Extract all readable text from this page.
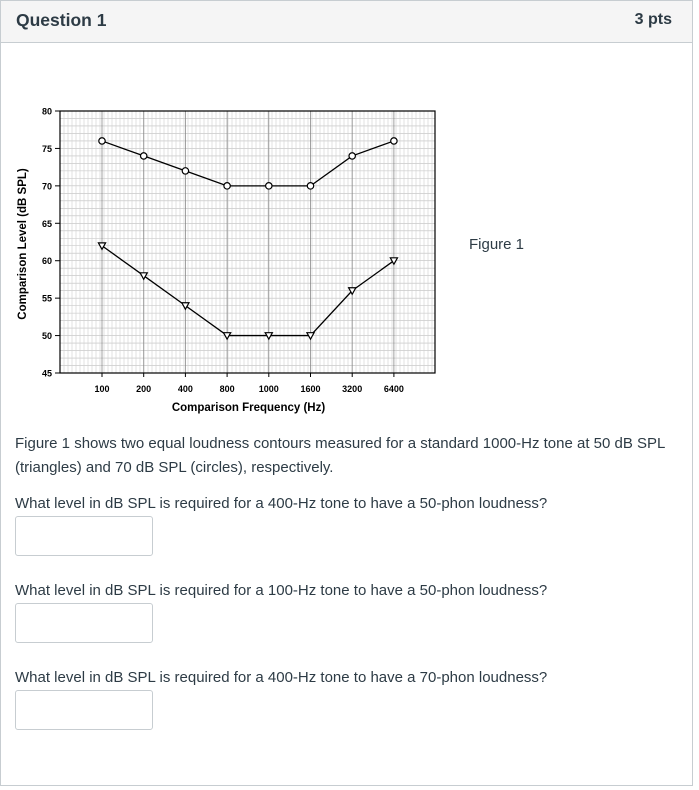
Question 1	3 pts
45
50
55
60
65
70
75
80
100	200	400	800	1000 1600 3200 6400
Comparison Frequency (Hz)
Comparison Level (dB SPL)	Figure 1

Figure 1 shows two equal loudness contours measured for a standard 1000-Hz tone at 50 dB SPL (triangles) and 70 dB SPL (circles), respectively.

What level in dB SPL is required for a 400-Hz tone to have a 50-phon loudness?

What level in dB SPL is required for a 100-Hz tone to have a 50-phon loudness?

What level in dB SPL is required for a 400-Hz tone to have a 70-phon loudness?
